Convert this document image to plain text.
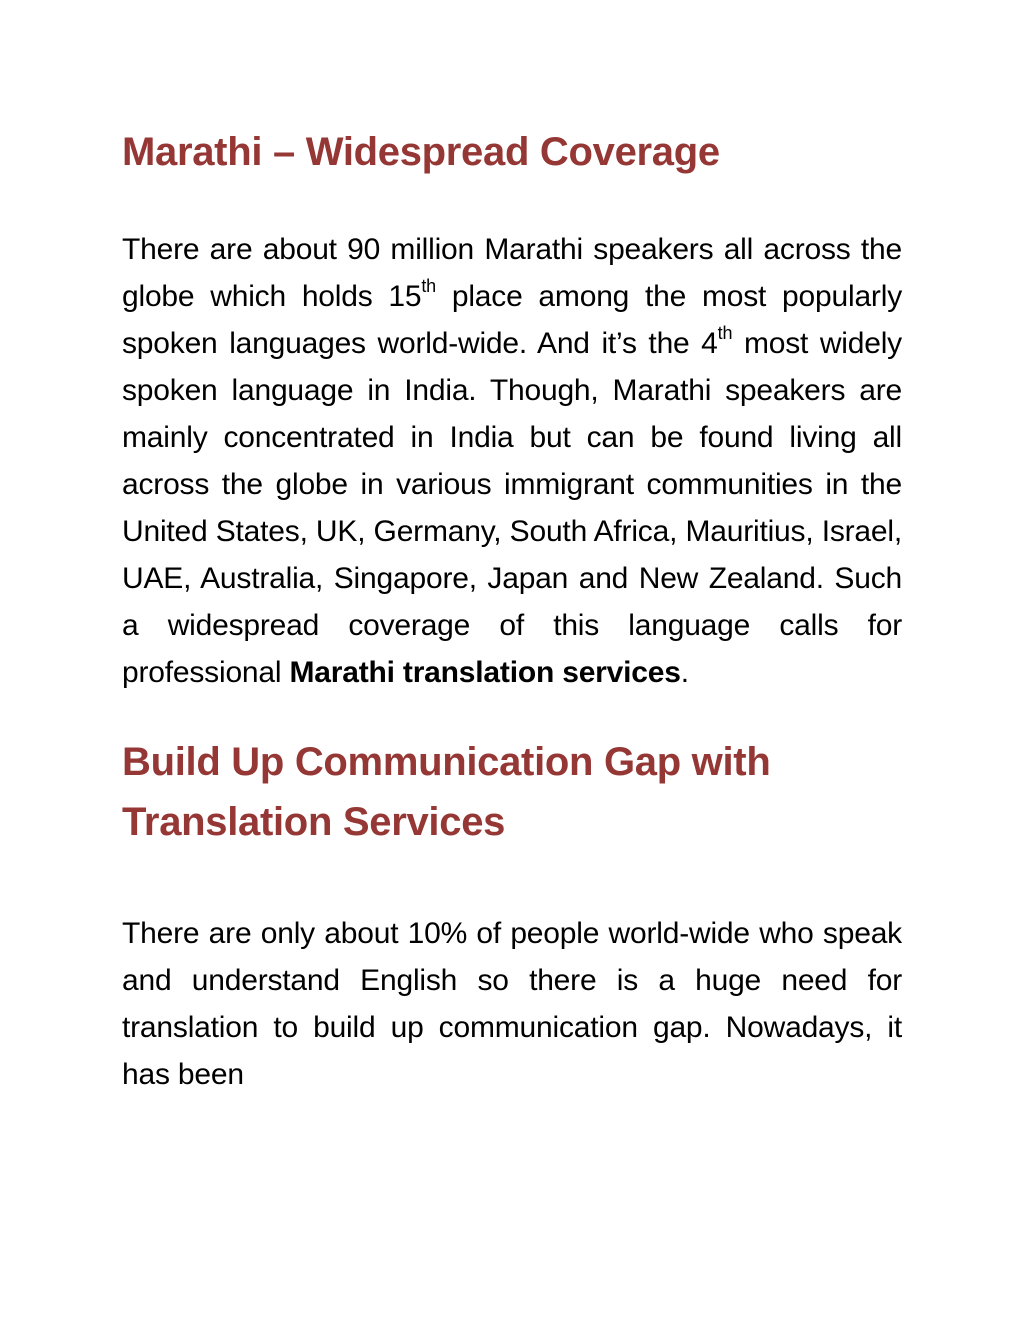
Marathi – Widespread Coverage

There are about 90 million Marathi speakers all across the globe which holds 15th place among the most popularly spoken languages world-wide. And it’s the 4th most widely spoken language in India. Though, Marathi speakers are mainly concentrated in India but can be found living all across the globe in various immigrant communities in the United States, UK, Germany, South Africa, Mauritius, Israel, UAE, Australia, Singapore, Japan and New Zealand. Such a widespread coverage of this language calls for professional Marathi translation services.

Build Up Communication Gap with Translation Services

There are only about 10% of people world-wide who speak and understand English so there is a huge need for translation to build up communication gap. Nowadays, it has been
